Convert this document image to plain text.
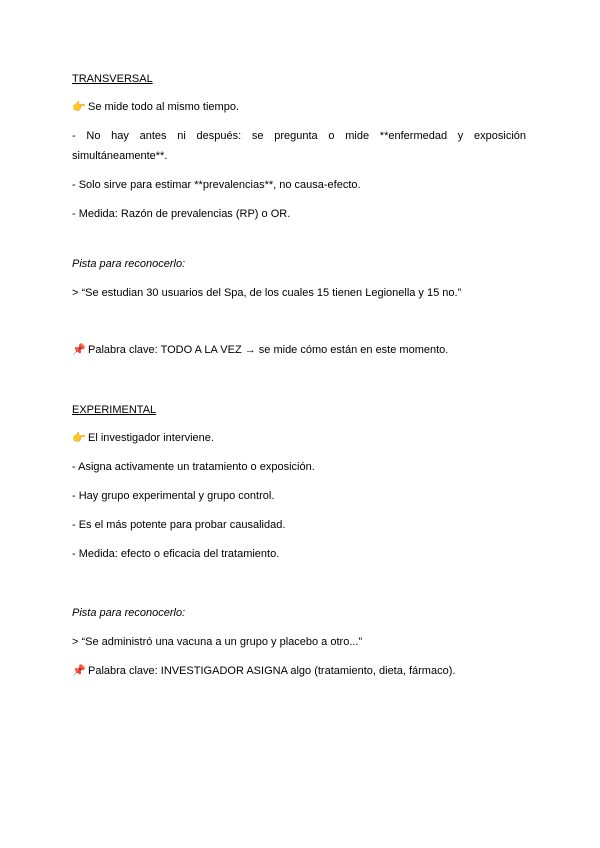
TRANSVERSAL
👉 Se mide todo al mismo tiempo.
- No hay antes ni después: se pregunta o mide **enfermedad y exposición
simultáneamente**.
- Solo sirve para estimar **prevalencias**, no causa-efecto.
- Medida: Razón de prevalencias (RP) o OR.
Pista para reconocerlo:
> “Se estudian 30 usuarios del Spa, de los cuales 15 tienen Legionella y 15 no.”
📌 Palabra clave: TODO A LA VEZ → se mide cómo están en este momento.
EXPERIMENTAL
👉 El investigador interviene.
- Asigna activamente un tratamiento o exposición.
- Hay grupo experimental y grupo control.
- Es el más potente para probar causalidad.
- Medida: efecto o eficacia del tratamiento.
Pista para reconocerlo:
> “Se administró una vacuna a un grupo y placebo a otro...”
📌 Palabra clave: INVESTIGADOR ASIGNA algo (tratamiento, dieta, fármaco).
